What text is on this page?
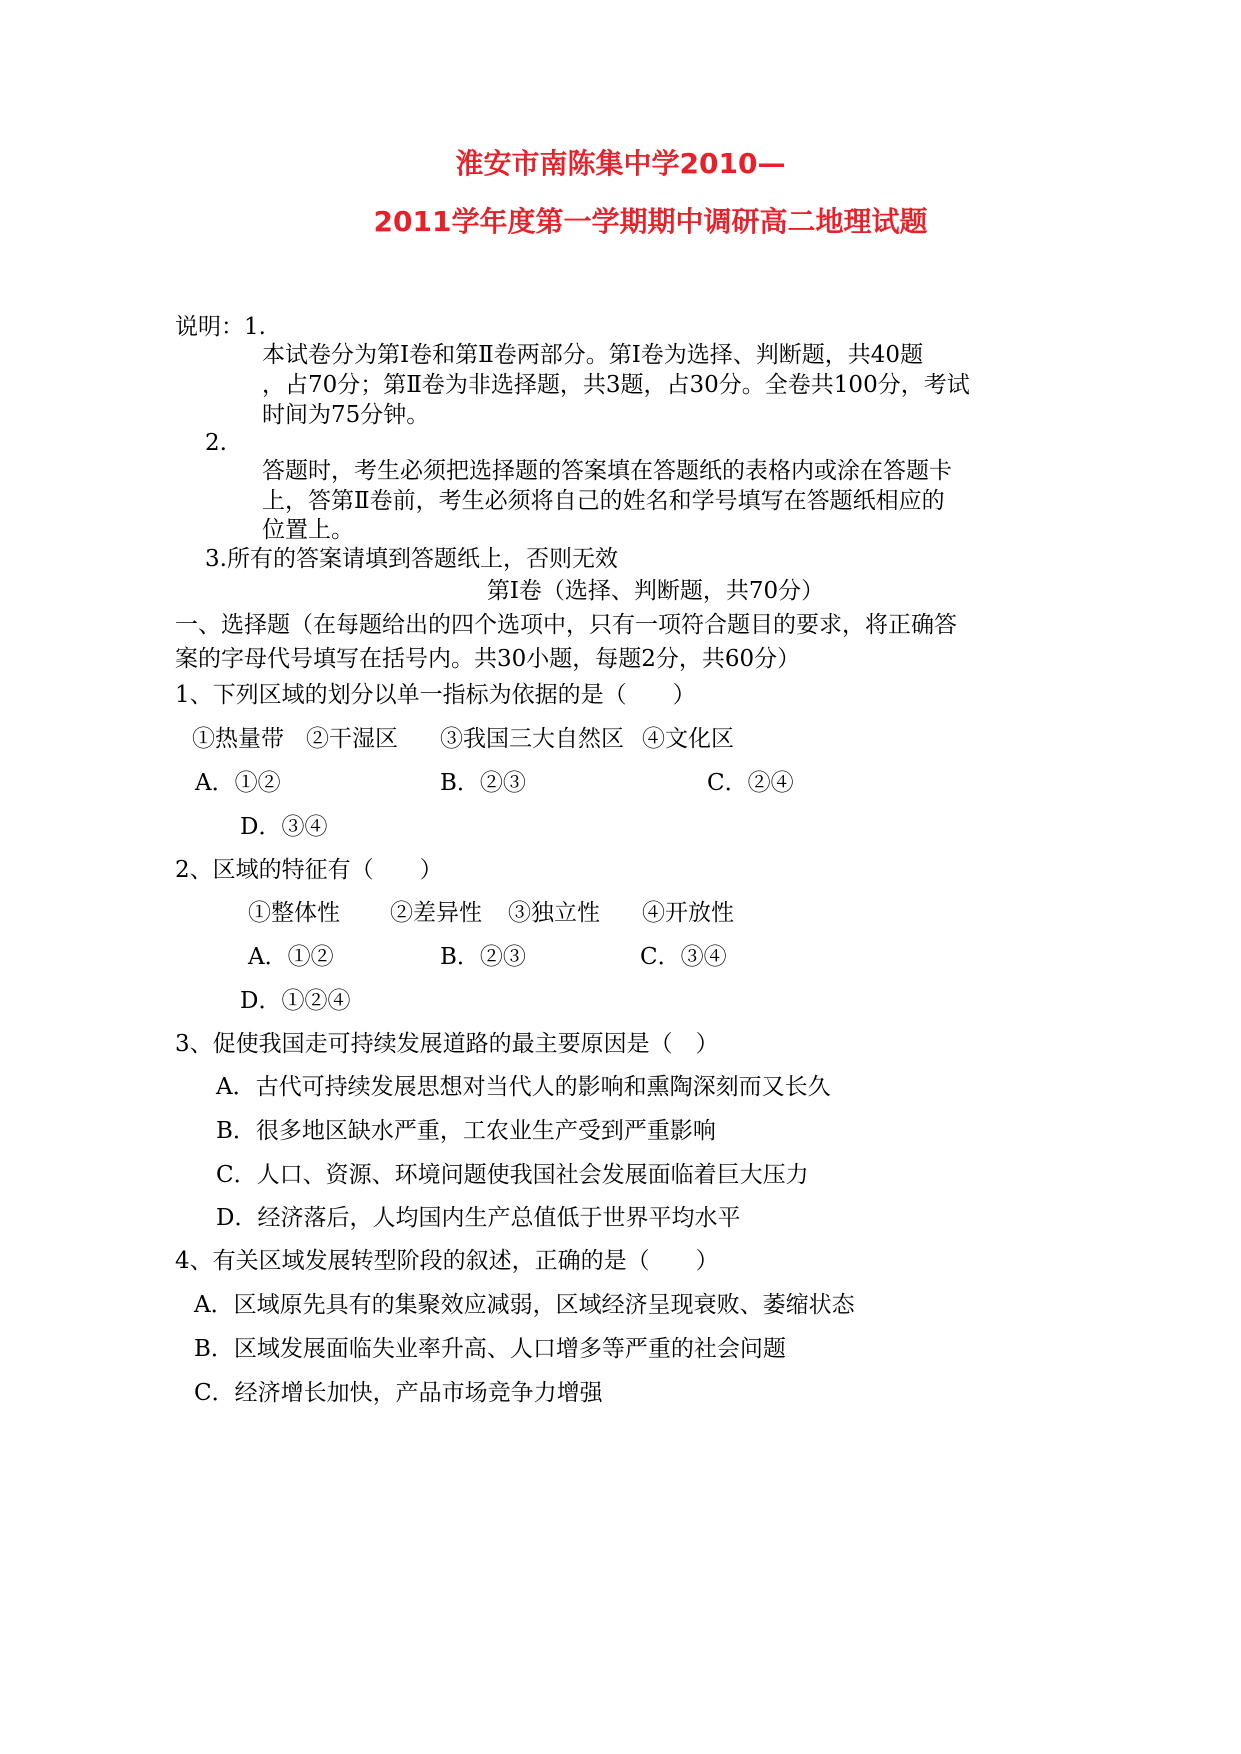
淮安市南陈集中学2010—
2011学年度第一学期期中调研高二地理试题
说明：1.
本试卷分为第Ⅰ卷和第Ⅱ卷两部分。第Ⅰ卷为选择、判断题，共40题
，占70分；第Ⅱ卷为非选择题，共3题，占30分。全卷共100分，考试
时间为75分钟。
2.
答题时，考生必须把选择题的答案填在答题纸的表格内或涂在答题卡
上，答第Ⅱ卷前，考生必须将自己的姓名和学号填写在答题纸相应的
位置上。
3.所有的答案请填到答题纸上，否则无效
第Ⅰ卷（选择、判断题，共70分）
一、选择题（在每题给出的四个选项中，只有一项符合题目的要求，将正确答
案的字母代号填写在括号内。共30小题，每题2分，共60分）
1、下列区域的划分以单一指标为依据的是（　　）
①热量带 ②干湿区 ③我国三大自然区 ④文化区
A．①②	B．②③	C．②④
D．③④
2、区域的特征有（　　）
①整体性 ②差异性 ③独立性 ④开放性
A．①②	B．②③	C．③④
D．①②④
3、促使我国走可持续发展道路的最主要原因是（　）
A．古代可持续发展思想对当代人的影响和熏陶深刻而又长久
B．很多地区缺水严重，工农业生产受到严重影响
C．人口、资源、环境问题使我国社会发展面临着巨大压力
D．经济落后，人均国内生产总值低于世界平均水平
4、有关区域发展转型阶段的叙述，正确的是（　　）
A．区域原先具有的集聚效应减弱，区域经济呈现衰败、萎缩状态
B．区域发展面临失业率升高、人口增多等严重的社会问题
C．经济增长加快，产品市场竞争力增强
